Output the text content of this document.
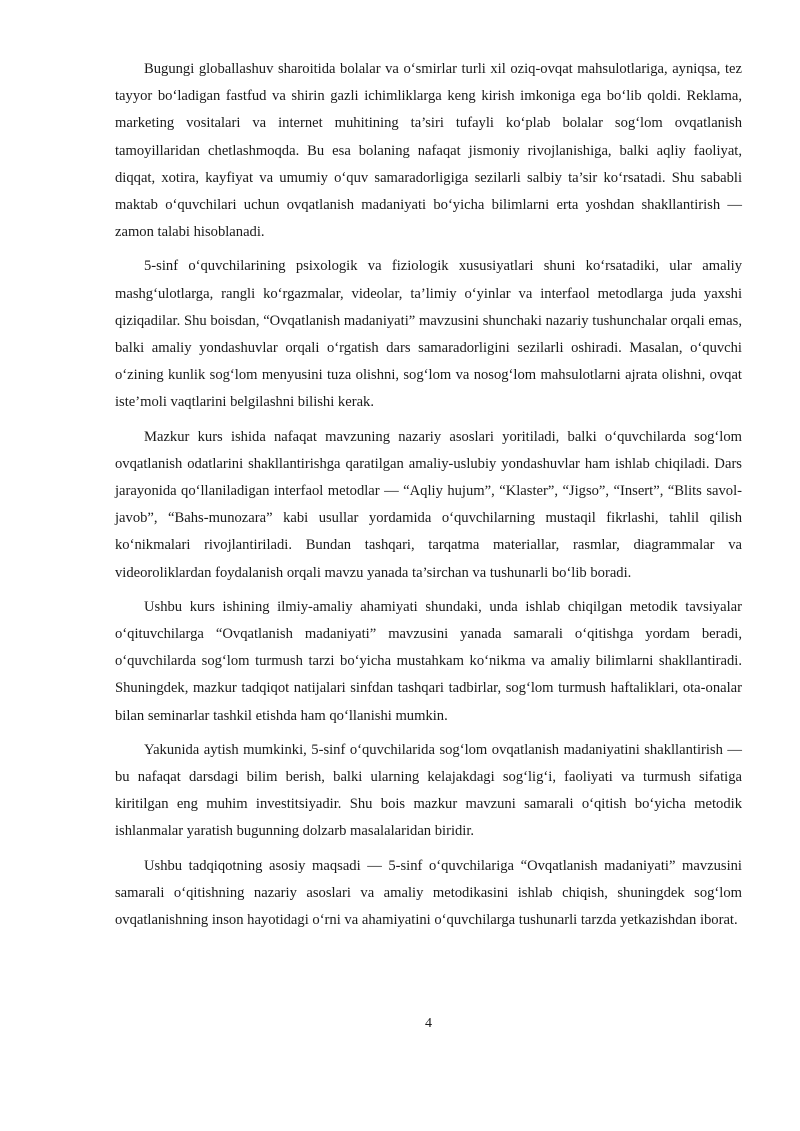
Bugungi globallashuv sharoitida bolalar va o‘smirlar turli xil oziq-ovqat mahsulotlariga, ayniqsa, tez tayyor bo‘ladigan fastfud va shirin gazli ichimliklarga keng kirish imkoniga ega bo‘lib qoldi. Reklama, marketing vositalari va internet muhitining ta’siri tufayli ko‘plab bolalar sog‘lom ovqatlanish tamoyillaridan chetlashmoqda. Bu esa bolaning nafaqat jismoniy rivojlanishiga, balki aqliy faoliyat, diqqat, xotira, kayfiyat va umumiy o‘quv samaradorligiga sezilarli salbiy ta’sir ko‘rsatadi. Shu sababli maktab o‘quvchilari uchun ovqatlanish madaniyati bo‘yicha bilimlarni erta yoshdan shakllantirish — zamon talabi hisoblanadi.

5-sinf o‘quvchilarining psixologik va fiziologik xususiyatlari shuni ko‘rsatadiki, ular amaliy mashg‘ulotlarga, rangli ko‘rgazmalar, videolar, ta’limiy o‘yinlar va interfaol metodlarga juda yaxshi qiziqadilar. Shu boisdan, “Ovqatlanish madaniyati” mavzusini shunchaki nazariy tushunchalar orqali emas, balki amaliy yondashuvlar orqali o‘rgatish dars samaradorligini sezilarli oshiradi. Masalan, o‘quvchi o‘zining kunlik sog‘lom menyusini tuza olishni, sog‘lom va nosog‘lom mahsulotlarni ajrata olishni, ovqat iste’moli vaqtlarini belgilashni bilishi kerak.

Mazkur kurs ishida nafaqat mavzuning nazariy asoslari yoritiladi, balki o‘quvchilarda sog‘lom ovqatlanish odatlarini shakllantirishga qaratilgan amaliy-uslubiy yondashuvlar ham ishlab chiqiladi. Dars jarayonida qo‘llaniladigan interfaol metodlar — “Aqliy hujum”, “Klaster”, “Jigso”, “Insert”, “Blits savol-javob”, “Bahs-munozara” kabi usullar yordamida o‘quvchilarning mustaqil fikrlashi, tahlil qilish ko‘nikmalari rivojlantiriladi. Bundan tashqari, tarqatma materiallar, rasmlar, diagrammalar va videoroliklardan foydalanish orqali mavzu yanada ta’sirchan va tushunarli bo‘lib boradi.

Ushbu kurs ishining ilmiy-amaliy ahamiyati shundaki, unda ishlab chiqilgan metodik tavsiyalar o‘qituvchilarga “Ovqatlanish madaniyati” mavzusini yanada samarali o‘qitishga yordam beradi, o‘quvchilarda sog‘lom turmush tarzi bo‘yicha mustahkam ko‘nikma va amaliy bilimlarni shakllantiradi. Shuningdek, mazkur tadqiqot natijalari sinfdan tashqari tadbirlar, sog‘lom turmush haftaliklari, ota-onalar bilan seminarlar tashkil etishda ham qo‘llanishi mumkin.

Yakunida aytish mumkinki, 5-sinf o‘quvchilarida sog‘lom ovqatlanish madaniyatini shakllantirish — bu nafaqat darsdagi bilim berish, balki ularning kelajakdagi sog‘lig‘i, faoliyati va turmush sifatiga kiritilgan eng muhim investitsiyadir. Shu bois mazkur mavzuni samarali o‘qitish bo‘yicha metodik ishlanmalar yaratish bugunning dolzarb masalalaridan biridir.

Ushbu tadqiqotning asosiy maqsadi — 5-sinf o‘quvchilariga “Ovqatlanish madaniyati” mavzusini samarali o‘qitishning nazariy asoslari va amaliy metodikasini ishlab chiqish, shuningdek sog‘lom ovqatlanishning inson hayotidagi o‘rni va ahamiyatini o‘quvchilarga tushunarli tarzda yetkazishdan iborat.

4
